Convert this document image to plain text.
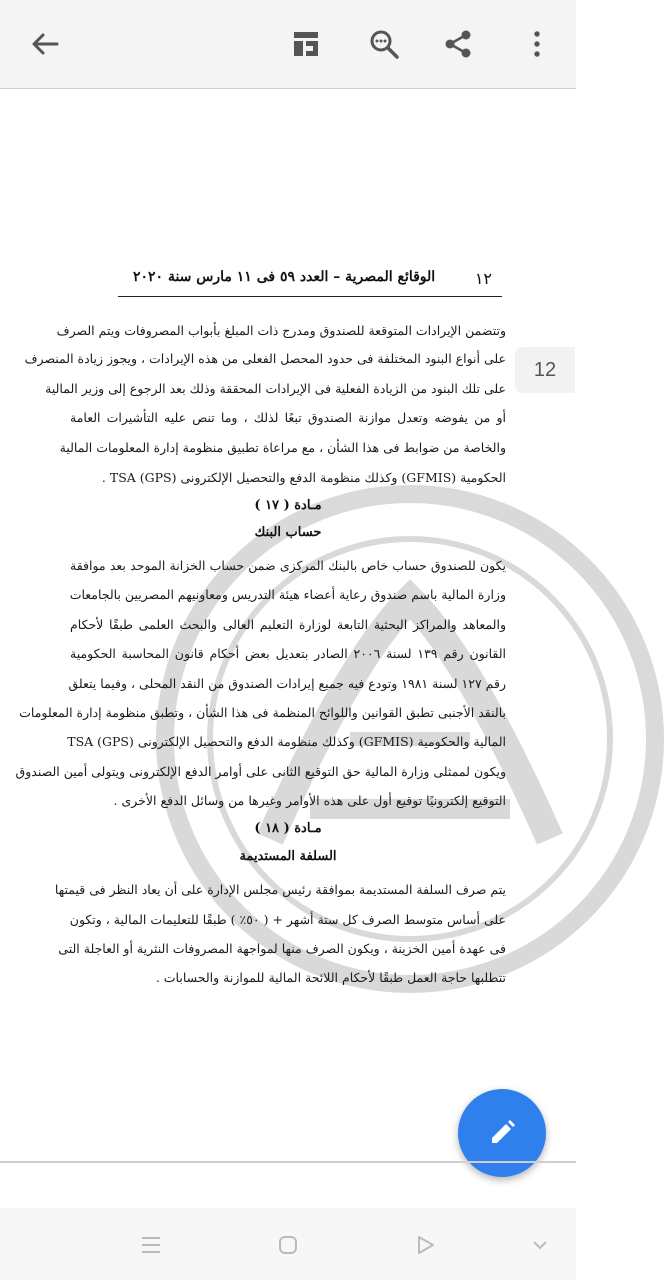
١٢
الوقائع المصرية – العدد ٥٩ فى ١١ مارس سنة ٢٠٢٠
وتتضمن الإيرادات المتوقعة للصندوق ومدرج ذات المبلغ بأبواب المصروفات ويتم الصرف
على أنواع البنود المختلفة فى حدود المحصل الفعلى من هذه الإيرادات ، ويجوز زيادة المنصرف
على تلك البنود من الزيادة الفعلية فى الإيرادات المحققة وذلك بعد الرجوع إلى وزير المالية
أو من يفوضه وتعدل موازنة الصندوق تبعًا لذلك ، وما تنص عليه التأشيرات العامة
والخاصة من ضوابط فى هذا الشأن ، مع مراعاة تطبيق منظومة إدارة المعلومات المالية
الحكومية (GFMIS) وكذلك منظومة الدفع والتحصيل الإلكترونى TSA (GPS) .
مـادة ( ١٧ )
حساب البنك
يكون للصندوق حساب خاص بالبنك المركزى ضمن حساب الخزانة الموحد بعد موافقة
وزارة المالية باسم صندوق رعاية أعضاء هيئة التدريس ومعاونيهم المصريين بالجامعات
والمعاهد والمراكز البحثية التابعة لوزارة التعليم العالى والبحث العلمى طبقًا لأحكام
القانون رقم ١٣٩ لسنة ٢٠٠٦ الصادر بتعديل بعض أحكام قانون المحاسبة الحكومية
رقم ١٢٧ لسنة ١٩٨١ وتودع فيه جميع إيرادات الصندوق من النقد المحلى ، وفيما يتعلق
بالنقد الأجنبى تطبق القوانين واللوائح المنظمة فى هذا الشأن ، وتطبق منظومة إدارة المعلومات
المالية والحكومية (GFMIS) وكذلك منظومة الدفع والتحصيل الإلكترونى TSA (GPS)
ويكون لممثلى وزارة المالية حق التوقيع الثانى على أوامر الدفع الإلكترونى ويتولى أمين الصندوق
التوقيع إلكترونيًا توقيع أول على هذه الأوامر وغيرها من وسائل الدفع الأخرى .
مـادة ( ١٨ )
السلفة المستديمة
يتم صرف السلفة المستديمة بموافقة رئيس مجلس الإدارة على أن يعاد النظر فى قيمتها
على أساس متوسط الصرف كل ستة أشهر + ( ٥٠٪ ) طبقًا للتعليمات المالية ، وتكون
فى عهدة أمين الخزينة ، ويكون الصرف منها لمواجهة المصروفات النثرية أو العاجلة التى
تتطلبها حاجة العمل طبقًا لأحكام اللائحة المالية للموازنة والحسابات .
12
